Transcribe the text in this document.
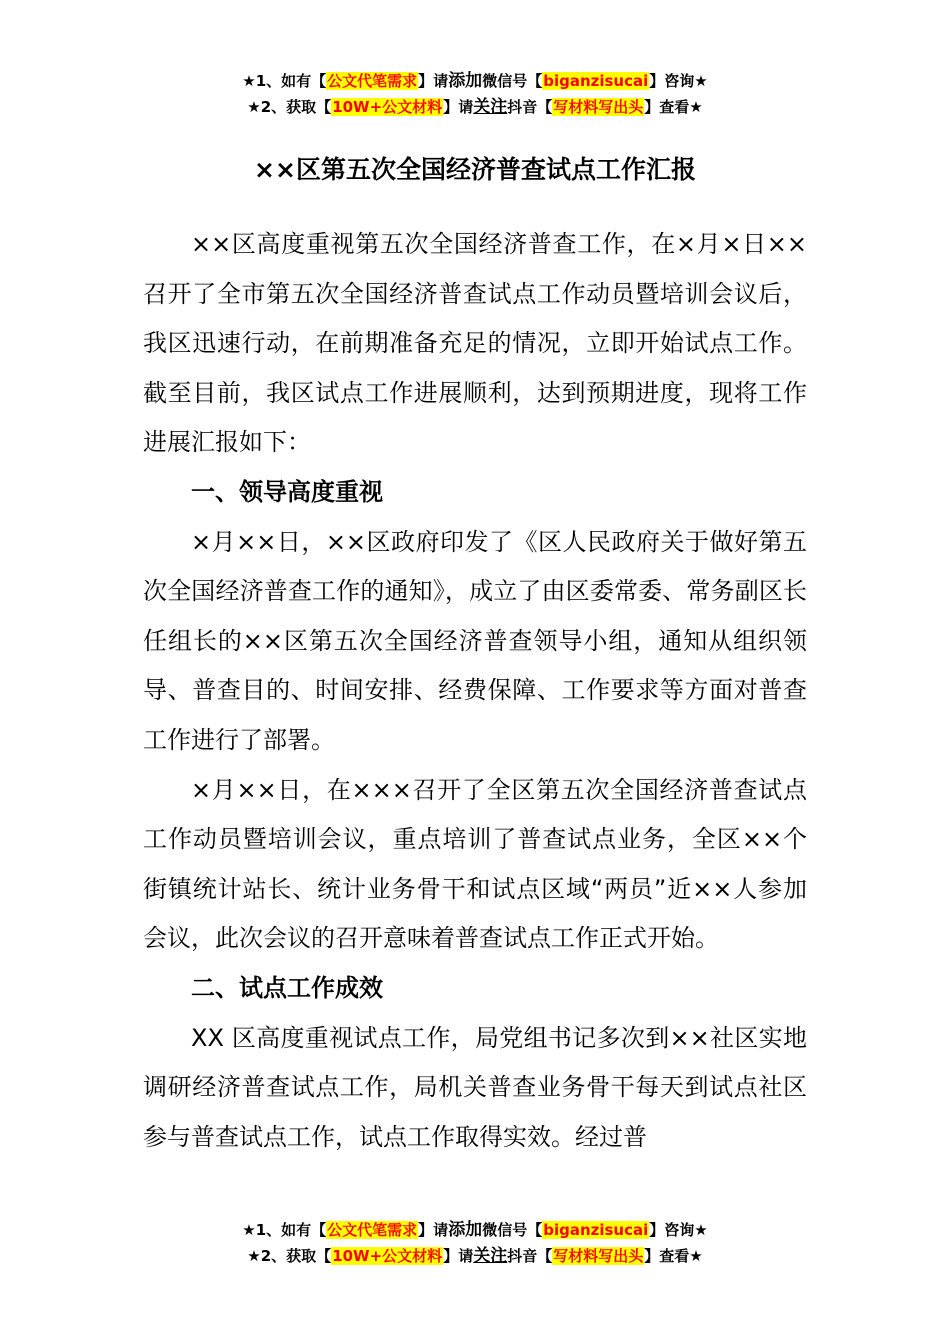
★1、如有【公文代笔需求】请添加微信号【biganzisucai】咨询★
★2、获取【10W+公文材料】请关注抖音【写材料写出头】查看★
××区第五次全国经济普查试点工作汇报

××区高度重视第五次全国经济普查工作，在×月×日××召开了全市第五次全国经济普查试点工作动员暨培训会议后，我区迅速行动，在前期准备充足的情况，立即开始试点工作。截至目前，我区试点工作进展顺利，达到预期进度，现将工作进展汇报如下：

一、领导高度重视

×月××日，××区政府印发了《区人民政府关于做好第五次全国经济普查工作的通知》，成立了由区委常委、常务副区长任组长的××区第五次全国经济普查领导小组，通知从组织领导、普查目的、时间安排、经费保障、工作要求等方面对普查工作进行了部署。

×月××日，在×××召开了全区第五次全国经济普查试点工作动员暨培训会议，重点培训了普查试点业务，全区××个街镇统计站长、统计业务骨干和试点区域“两员”近××人参加会议，此次会议的召开意味着普查试点工作正式开始。

二、试点工作成效

XX 区高度重视试点工作，局党组书记多次到××社区实地调研经济普查试点工作，局机关普查业务骨干每天到试点社区参与普查试点工作，试点工作取得实效。经过普

★1、如有【公文代笔需求】请添加微信号【biganzisucai】咨询★
★2、获取【10W+公文材料】请关注抖音【写材料写出头】查看★
